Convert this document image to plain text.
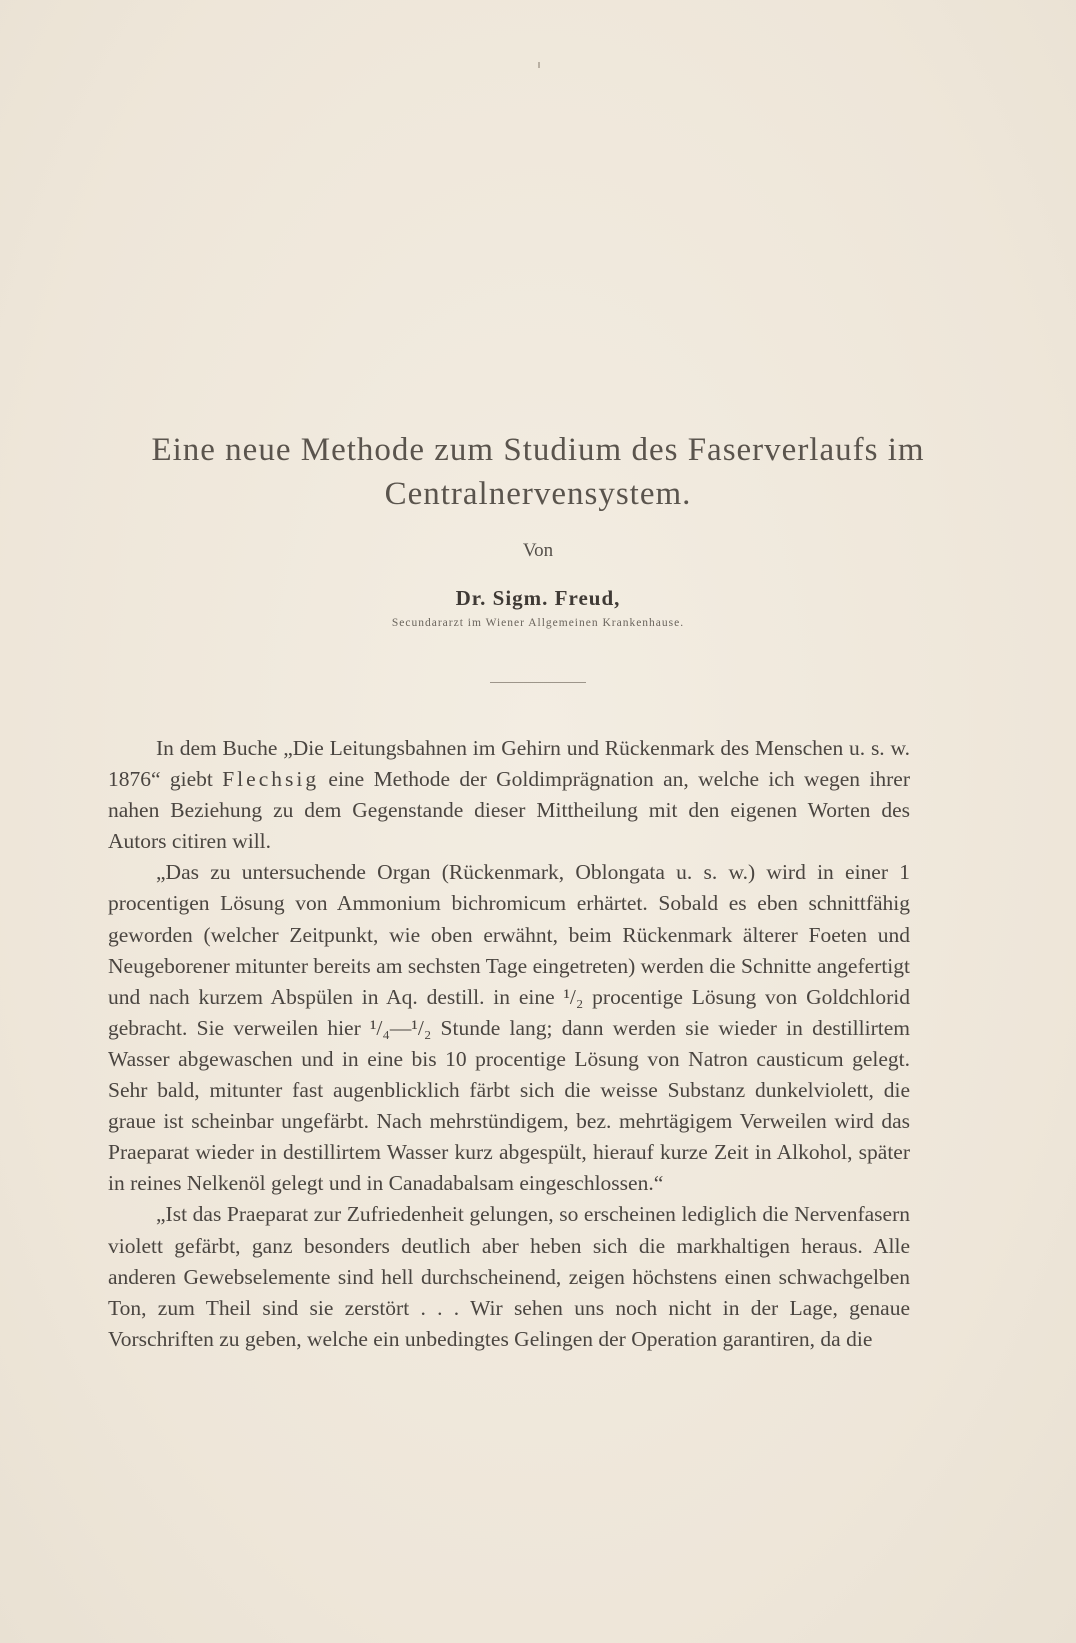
Eine neue Methode zum Studium des Faserverlaufs im
Centralnervensystem.
Von
Dr. Sigm. Freud,
Secundararzt im Wiener Allgemeinen Krankenhause.

In dem Buche „Die Leitungsbahnen im Gehirn und Rückenmark des Menschen u. s. w. 1876“ giebt Flechsig eine Methode der Goldimprägnation an, welche ich wegen ihrer nahen Beziehung zu dem Gegenstande dieser Mittheilung mit den eigenen Worten des Autors citiren will.

„Das zu untersuchende Organ (Rückenmark, Oblongata u. s. w.) wird in einer 1 procentigen Lösung von Ammonium bichromicum erhärtet. Sobald es eben schnittfähig geworden (welcher Zeitpunkt, wie oben erwähnt, beim Rückenmark älterer Foeten und Neugeborener mitunter bereits am sechsten Tage eingetreten) werden die Schnitte angefertigt und nach kurzem Abspülen in Aq. destill. in eine ¹/₂ procentige Lösung von Goldchlorid gebracht. Sie verweilen hier ¹/₄—¹/₂ Stunde lang; dann werden sie wieder in destillirtem Wasser abgewaschen und in eine bis 10 procentige Lösung von Natron causticum gelegt. Sehr bald, mitunter fast augenblicklich färbt sich die weisse Substanz dunkelviolett, die graue ist scheinbar ungefärbt. Nach mehrstündigem, bez. mehrtägigem Verweilen wird das Praeparat wieder in destillirtem Wasser kurz abgespült, hierauf kurze Zeit in Alkohol, später in reines Nelkenöl gelegt und in Canadabalsam eingeschlossen.“

„Ist das Praeparat zur Zufriedenheit gelungen, so erscheinen lediglich die Nervenfasern violett gefärbt, ganz besonders deutlich aber heben sich die markhaltigen heraus. Alle anderen Gewebselemente sind hell durchscheinend, zeigen höchstens einen schwachgelben Ton, zum Theil sind sie zerstört . . . Wir sehen uns noch nicht in der Lage, genaue Vorschriften zu geben, welche ein unbedingtes Gelingen der Operation garantiren, da die
